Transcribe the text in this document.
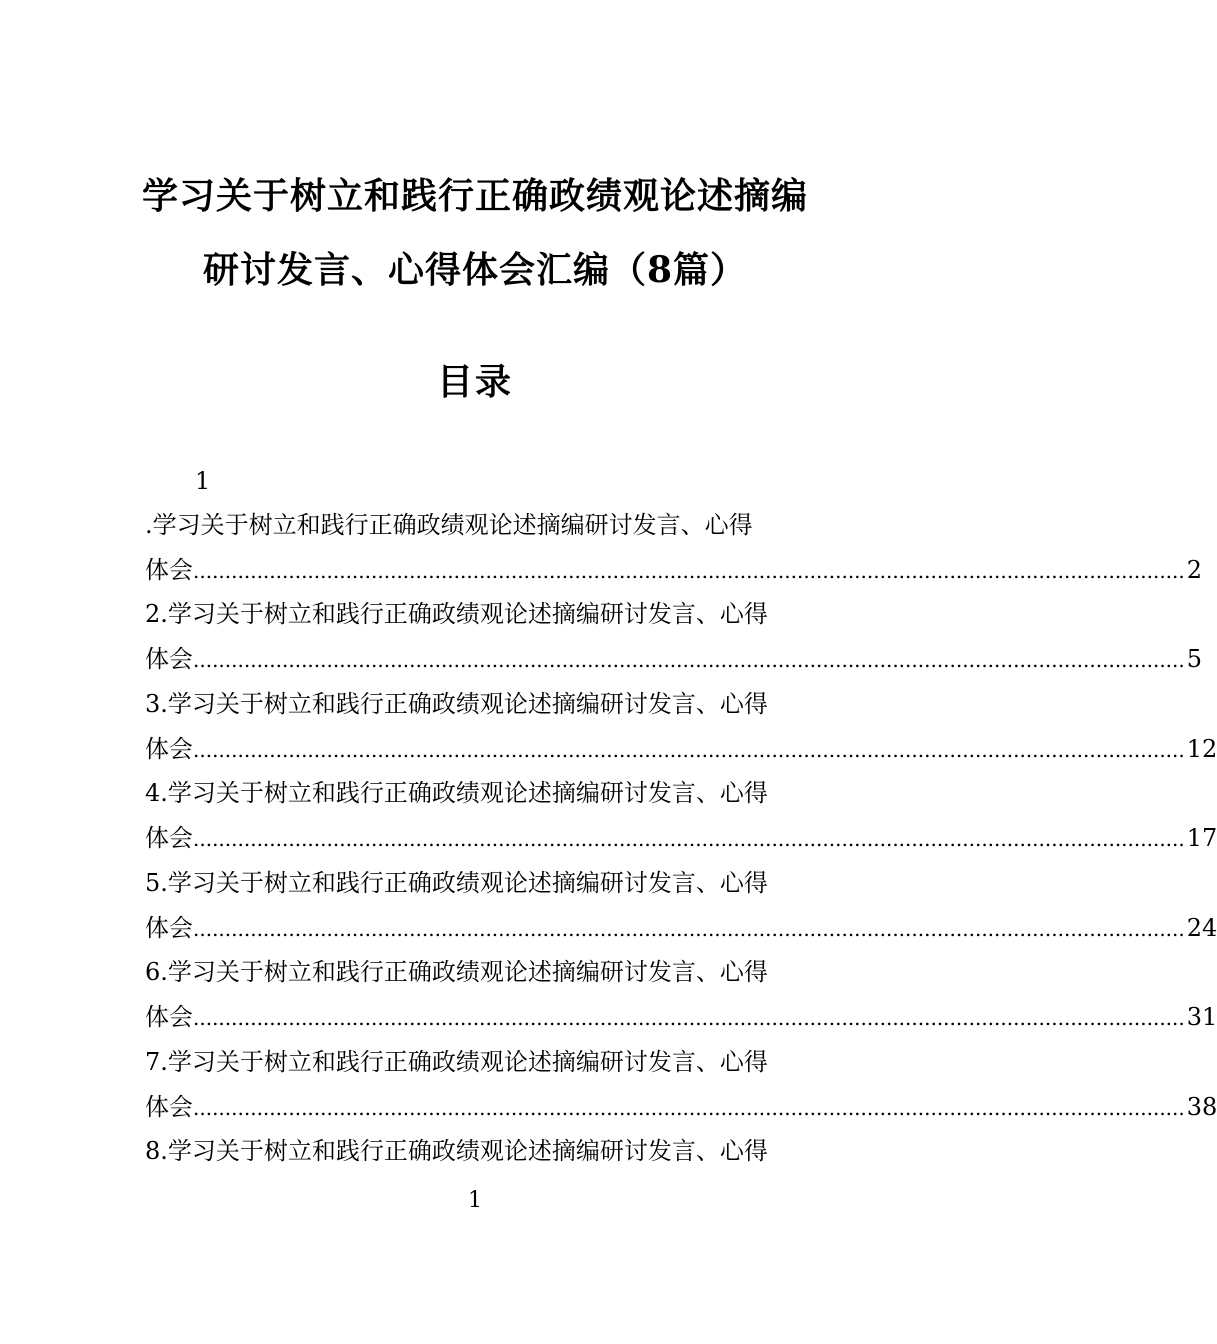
学习关于树立和践行正确政绩观论述摘编
研讨发言、心得体会汇编（8篇）
目录
1
.学习关于树立和践行正确政绩观论述摘编研讨发言、心得
体会 ............................................................................................................................................................ 2
2.学习关于树立和践行正确政绩观论述摘编研讨发言、心得
体会 ............................................................................................................................................................ 5
3.学习关于树立和践行正确政绩观论述摘编研讨发言、心得
体会 ............................................................................................................................................................ 12
4.学习关于树立和践行正确政绩观论述摘编研讨发言、心得
体会 ............................................................................................................................................................ 17
5.学习关于树立和践行正确政绩观论述摘编研讨发言、心得
体会 ............................................................................................................................................................ 24
6.学习关于树立和践行正确政绩观论述摘编研讨发言、心得
体会 ............................................................................................................................................................ 31
7.学习关于树立和践行正确政绩观论述摘编研讨发言、心得
体会 ............................................................................................................................................................ 38
8.学习关于树立和践行正确政绩观论述摘编研讨发言、心得
1
